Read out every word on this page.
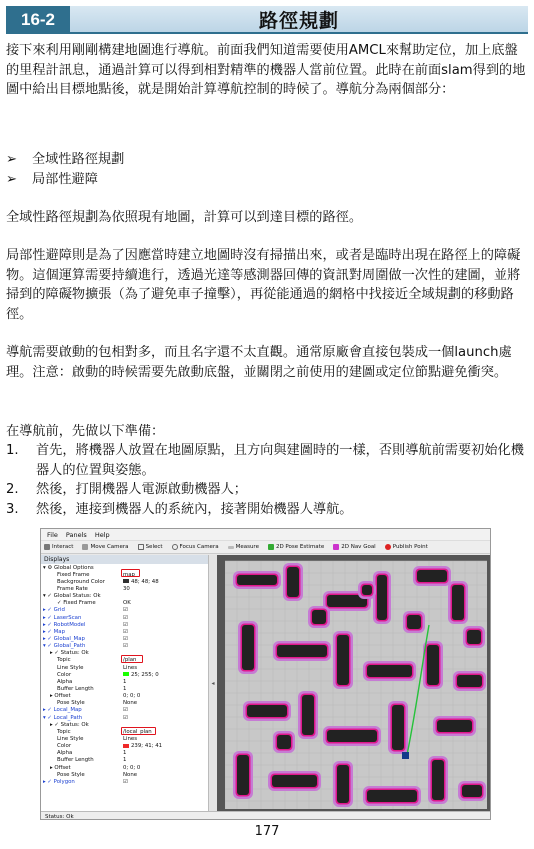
16-2	路徑規劃
接下來利用剛剛構建地圖進行導航。前面我們知道需要使用AMCL來幫助定位，加上底盤的里程計訊息，通過計算可以得到相對精準的機器人當前位置。此時在前面slam得到的地圖中給出目標地點後，就是開始計算導航控制的時候了。導航分為兩個部分：
➢	全域性路徑規劃
➢	局部性避障
全域性路徑規劃為依照現有地圖，計算可以到達目標的路徑。
局部性避障則是為了因應當時建立地圖時沒有掃描出來，或者是臨時出現在路徑上的障礙物。這個運算需要持續進行，透過光達等感測器回傳的資訊對周圍做一次性的建圖，並將掃到的障礙物擴張（為了避免車子撞擊），再從能通過的網格中找接近全域規劃的移動路徑。
導航需要啟動的包相對多，而且名字還不太直觀。通常原廠會直接包裝成一個launch處理。注意：啟動的時候需要先啟動底盤，並關閉之前使用的建圖或定位節點避免衝突。
在導航前，先做以下準備：
1.	首先，將機器人放置在地圖原點，且方向與建圖時的一樣，否則導航前需要初始化機器人的位置與姿態。
2.	然後，打開機器人電源啟動機器人；
3.	然後，連接到機器人的系統內，接著開始機器人導航。
File Panels Help
Interact	Move Camera	Select	Focus Camera	Measure	2D Pose Estimate	2D Nav Goal	Publish Point
Displays
▾ ⚙ Global Options
Fixed Frame	map
Background Color	48; 48; 48
Frame Rate	30
▾ ✓ Global Status: Ok
✓ Fixed Frame	OK
▸ ✓ Grid	☑
▸ ✓ LaserScan	☑
▸ ✓ RobotModel	☑
▸ ✓ Map	☑
▸ ✓ Global_Map	☑
▾ ✓ Global_Path	☑
▸ ✓ Status: Ok
Topic	/plan
Line Style	Lines
Color	25; 255; 0
Alpha	1
Buffer Length	1
▸ Offset	0; 0; 0
Pose Style	None
▸ ✓ Local_Map	☑
▾ ✓ Local_Path	☑
▸ ✓ Status: Ok
Topic	/local_plan
Line Style	Lines
Color	239; 41; 41
Alpha	1
Buffer Length	1
▸ Offset	0; 0; 0
Pose Style	None
▸ ✓ Polygon	☑
◂
Status: Ok
177
